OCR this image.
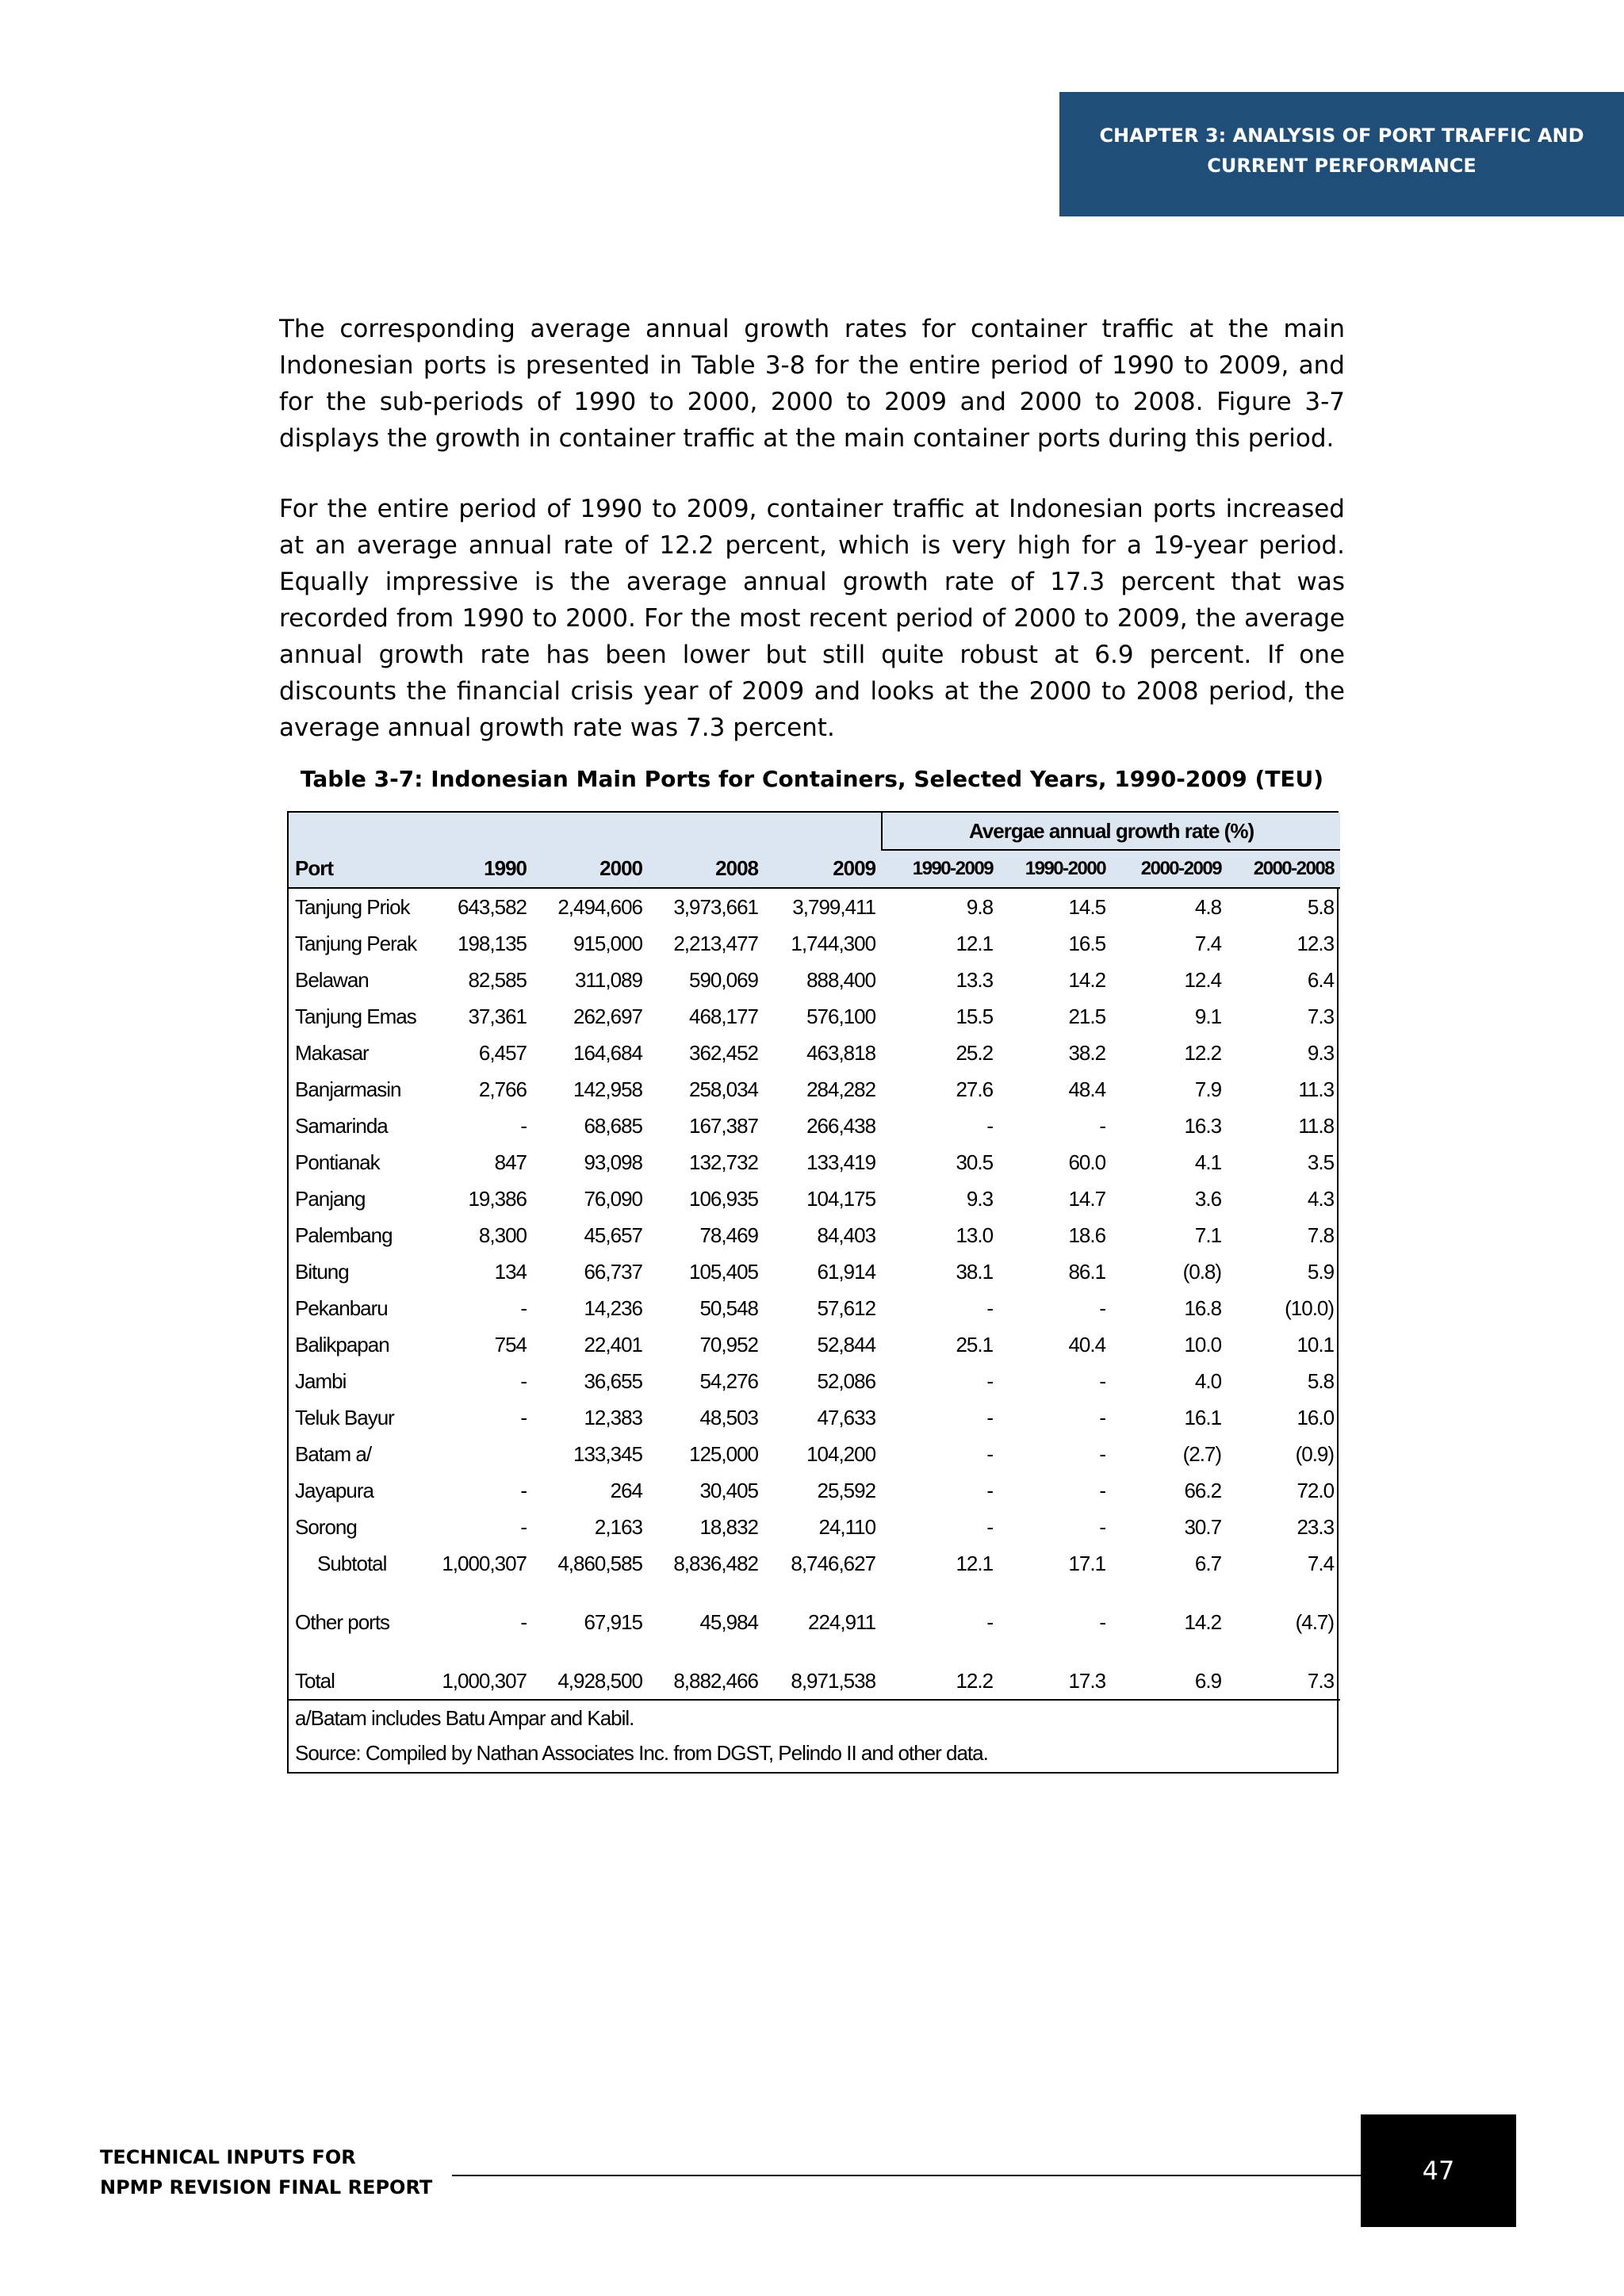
CHAPTER 3: ANALYSIS OF PORT TRAFFIC AND
CURRENT PERFORMANCE

The corresponding average annual growth rates for container traffic at the main Indonesian ports is presented in Table 3-8 for the entire period of 1990 to 2009, and for the sub-periods of 1990 to 2000, 2000 to 2009 and 2000 to 2008. Figure 3-7 displays the growth in container traffic at the main container ports during this period.

For the entire period of 1990 to 2009, container traffic at Indonesian ports increased at an average annual rate of 12.2 percent, which is very high for a 19-year period. Equally impressive is the average annual growth rate of 17.3 percent that was recorded from 1990 to 2000. For the most recent period of 2000 to 2009, the average annual growth rate has been lower but still quite robust at 6.9 percent. If one discounts the financial crisis year of 2009 and looks at the 2000 to 2008 period, the average annual growth rate was 7.3 percent.

Table 3-7: Indonesian Main Ports for Containers, Selected Years, 1990-2009 (TEU)
					Avergae annual growth rate (%)			
Port	1990	2000	2008	2009	1990-2009	1990-2000	2000-2009	2000-2008
Tanjung Priok	643,582	2,494,606	3,973,661	3,799,411	9.8	14.5	4.8	5.8
Tanjung Perak	198,135	915,000	2,213,477	1,744,300	12.1	16.5	7.4	12.3
Belawan	82,585	311,089	590,069	888,400	13.3	14.2	12.4	6.4
Tanjung Emas	37,361	262,697	468,177	576,100	15.5	21.5	9.1	7.3
Makasar	6,457	164,684	362,452	463,818	25.2	38.2	12.2	9.3
Banjarmasin	2,766	142,958	258,034	284,282	27.6	48.4	7.9	11.3
Samarinda	-	68,685	167,387	266,438	-	-	16.3	11.8
Pontianak	847	93,098	132,732	133,419	30.5	60.0	4.1	3.5
Panjang	19,386	76,090	106,935	104,175	9.3	14.7	3.6	4.3
Palembang	8,300	45,657	78,469	84,403	13.0	18.6	7.1	7.8
Bitung	134	66,737	105,405	61,914	38.1	86.1	(0.8)	5.9
Pekanbaru	-	14,236	50,548	57,612	-	-	16.8	(10.0)
Balikpapan	754	22,401	70,952	52,844	25.1	40.4	10.0	10.1
Jambi	-	36,655	54,276	52,086	-	-	4.0	5.8
Teluk Bayur	-	12,383	48,503	47,633	-	-	16.1	16.0
Batam a/		133,345	125,000	104,200	-	-	(2.7)	(0.9)
Jayapura	-	264	30,405	25,592	-	-	66.2	72.0
Sorong	-	2,163	18,832	24,110	-	-	30.7	23.3
Subtotal	1,000,307	4,860,585	8,836,482	8,746,627	12.1	17.1	6.7	7.4
Other ports	-	67,915	45,984	224,911	-	-	14.2	(4.7)
Total	1,000,307	4,928,500	8,882,466	8,971,538	12.2	17.3	6.9	7.3
a/Batam includes Batu Ampar and Kabil.								
Source: Compiled by Nathan Associates Inc. from DGST, Pelindo II and other data.								
TECHNICAL INPUTS FOR
NPMP REVISION FINAL REPORT
47
